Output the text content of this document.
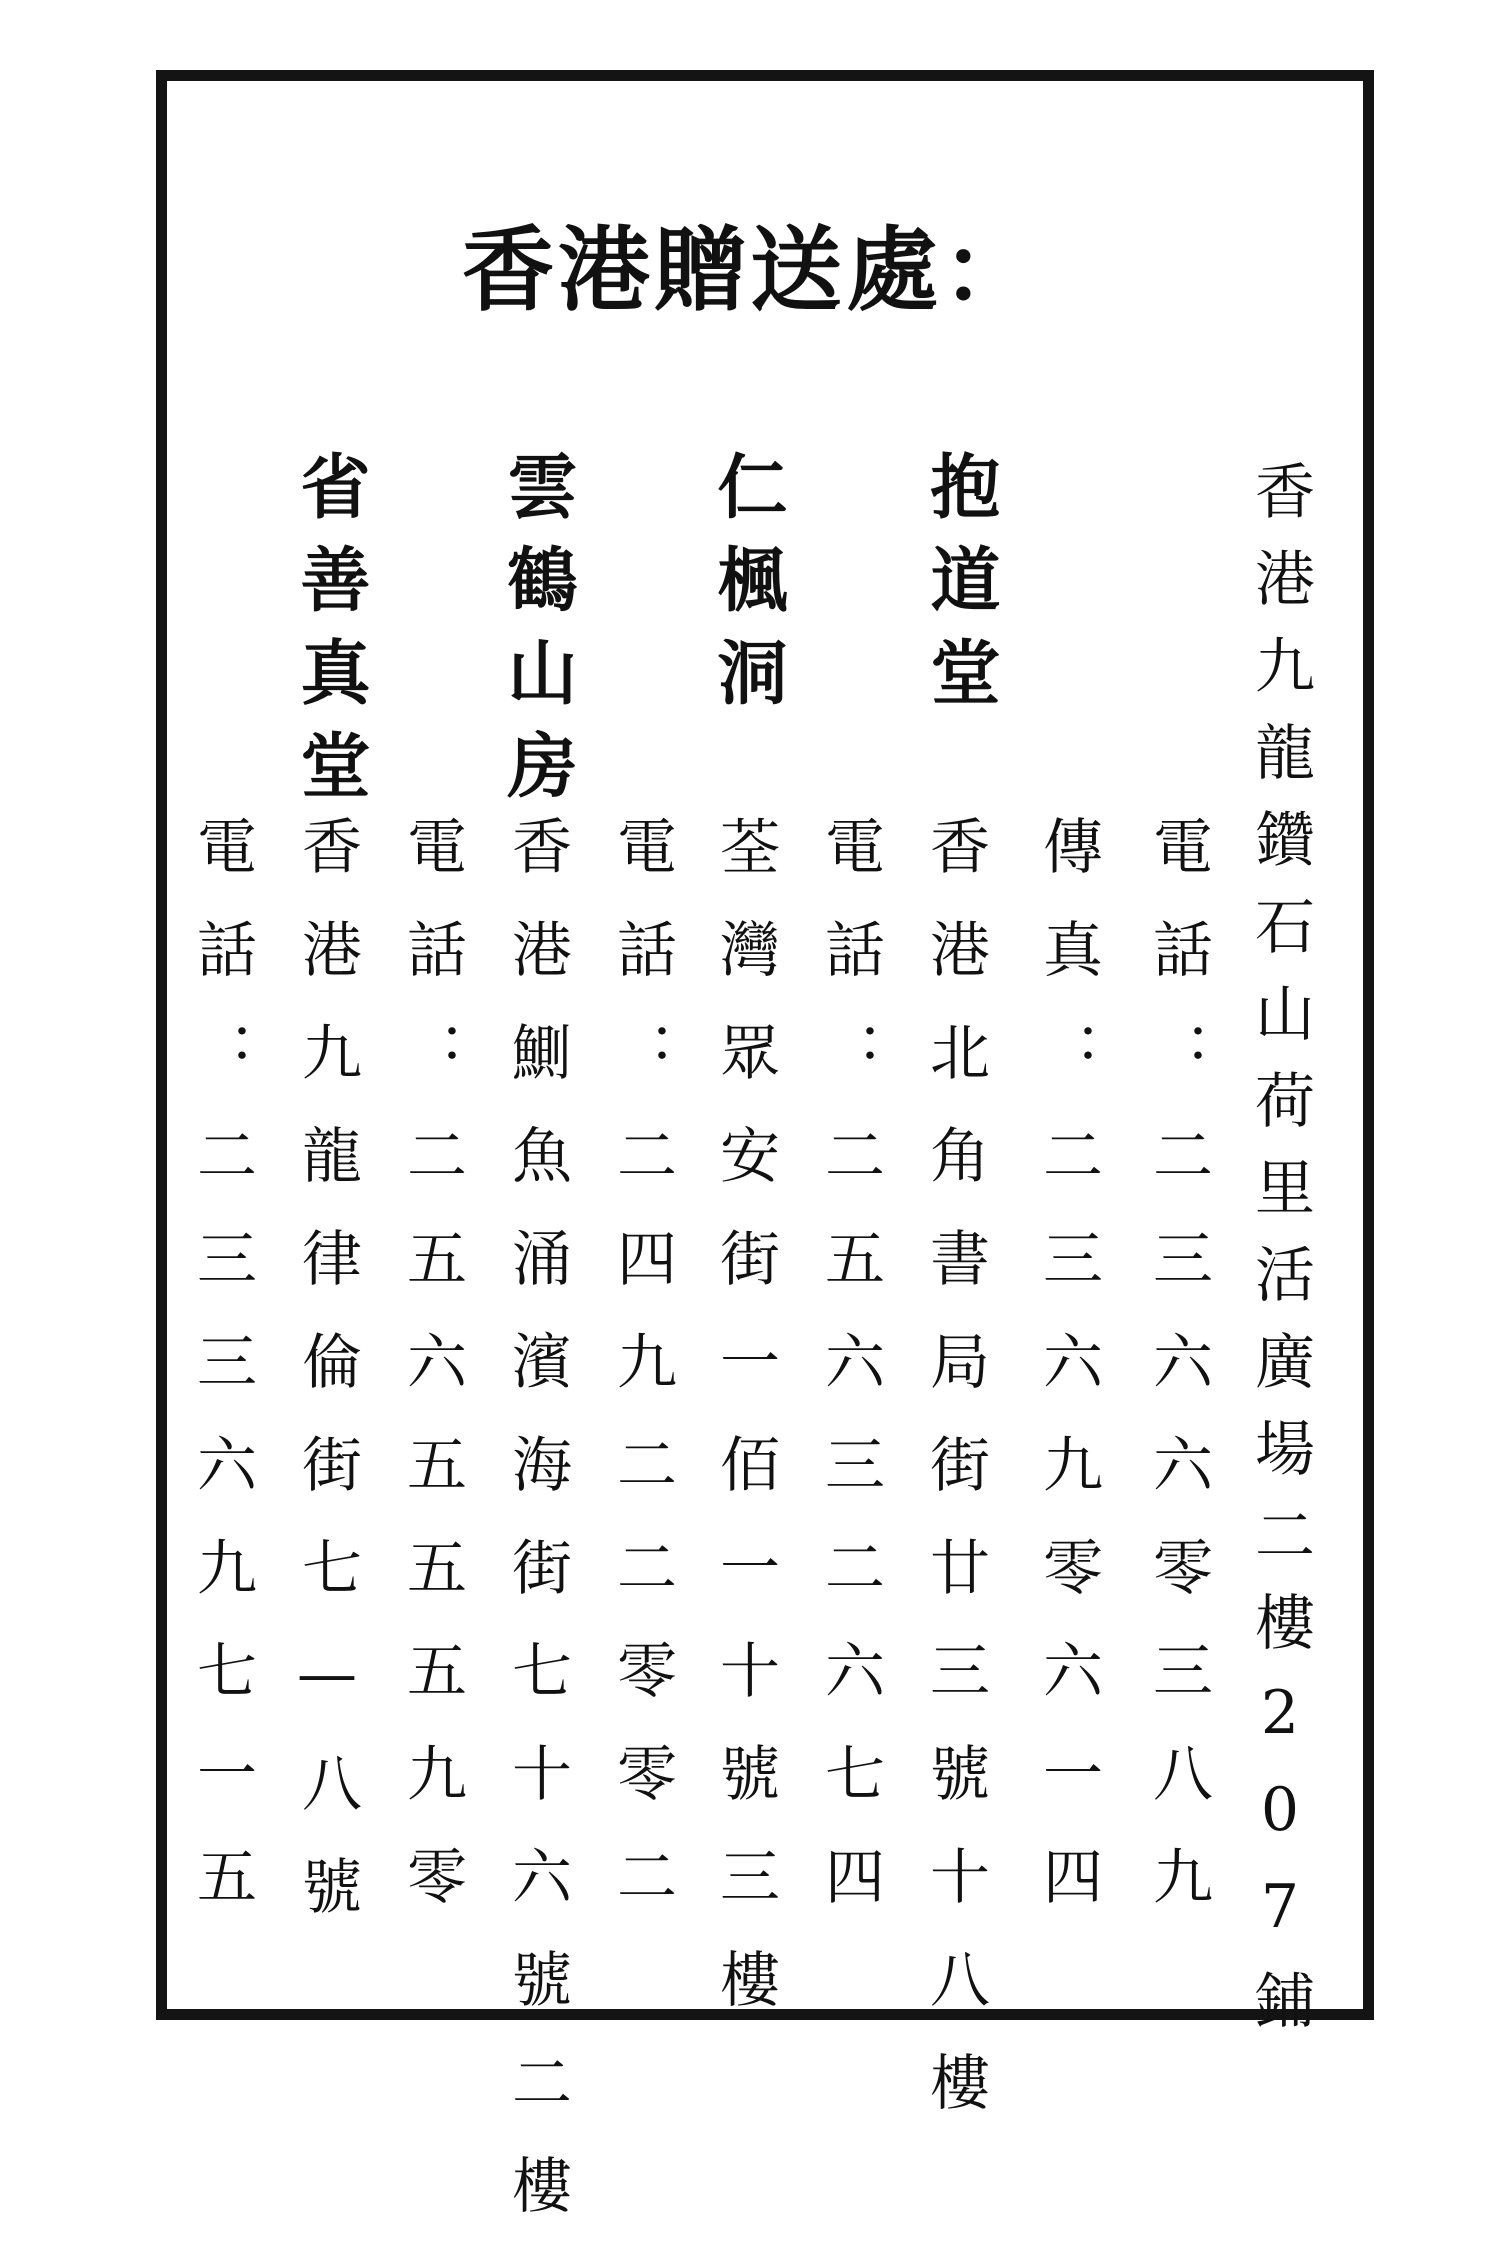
香港贈送處：
香港九龍鑽石山荷里活廣場二樓207鋪
電話：二三六六零三八九
傳真：二三六九零六一四
抱道堂
香港北角書局街廿三號十八樓
電話：二五六三二六七四
仁楓洞
荃灣眾安街一佰一十號三樓
電話：二四九二二零零二
雲鶴山房
香港鰂魚涌濱海街七十六號二樓
電話：二五六五五五九零
省善真堂
香港九龍律倫街七—八號
電話：二三三六九七一五
